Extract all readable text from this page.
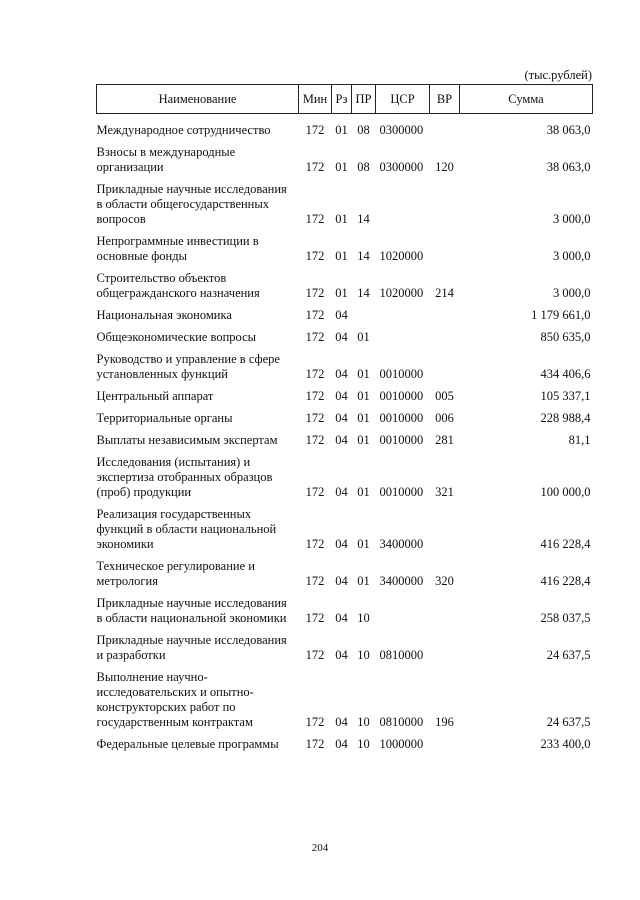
(тыс.рублей)
Наименование	Мин	Рз	ПР	ЦСР	ВР	Сумма
Международное сотрудничество	172	01	08	0300000		38 063,0
Взносы в международные организации	172	01	08	0300000	120	38 063,0
Прикладные научные исследования в области общегосударственных вопросов	172	01	14			3 000,0
Непрограммные инвестиции в основные фонды	172	01	14	1020000		3 000,0
Строительство объектов общегражданского назначения	172	01	14	1020000	214	3 000,0
Национальная экономика	172	04				1 179 661,0
Общеэкономические вопросы	172	04	01			850 635,0
Руководство и управление в сфере установленных функций	172	04	01	0010000		434 406,6
Центральный аппарат	172	04	01	0010000	005	105 337,1
Территориальные органы	172	04	01	0010000	006	228 988,4
Выплаты независимым экспертам	172	04	01	0010000	281	81,1
Исследования (испытания) и экспертиза отобранных образцов (проб) продукции	172	04	01	0010000	321	100 000,0
Реализация государственных функций в области национальной экономики	172	04	01	3400000		416 228,4
Техническое регулирование и метрология	172	04	01	3400000	320	416 228,4
Прикладные научные исследования в области национальной экономики	172	04	10			258 037,5
Прикладные научные исследования и разработки	172	04	10	0810000		24 637,5
Выполнение научно-исследовательских и опытно-конструкторских работ по государственным контрактам	172	04	10	0810000	196	24 637,5
Федеральные целевые программы	172	04	10	1000000		233 400,0
204
